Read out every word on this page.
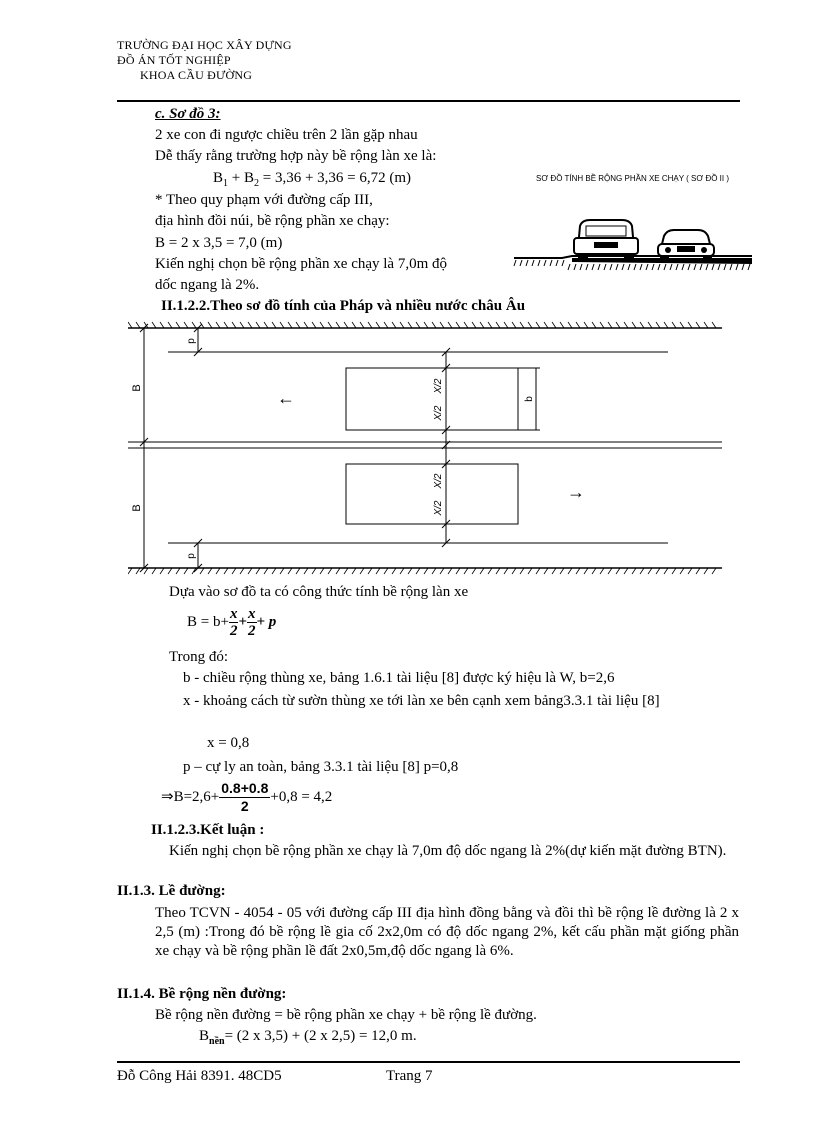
TRƯỜNG ĐẠI HỌC XÂY DỰNG
ĐỒ ÁN TỐT NGHIỆP
KHOA CẦU ĐƯỜNG
c. Sơ đồ 3:
2 xe con đi ngược chiều trên 2 lần gặp nhau
Dễ thấy rằng trường hợp này bề rộng làn xe là:
$B_1 + B_2 = 3,36 + 3,36 = 6,72$ (m)
* Theo quy phạm với đường cấp III,
địa hình đồi núi, bề rộng phần xe chạy:
B = 2 x 3,5 = 7,0 (m)
Kiến nghị chọn bề rộng phần xe chạy là 7,0m độ
dốc ngang là 2%.
SƠ ĐỒ TÍNH BỀ RỘNG PHẦN XE CHẠY ( SƠ ĐỒ II )
II.1.2.2.Theo sơ đồ tính của Pháp và nhiều nước châu Âu
B
B
p
p
X/2
X/2
X/2
X/2
b
←
→
Dựa vào sơ đồ ta có công thức tính bề rộng làn xe
$B = b+ \frac{x}{2} + \frac{x}{2} + p$
Trong đó:
b - chiều rộng thùng xe, bảng 1.6.1 tài liệu [8] được ký hiệu là W, b=2,6
x - khoảng cách từ sườn thùng xe tới làn xe bên cạnh xem bảng3.3.1 tài liệu [8]
x = 0,8
p – cự ly an toàn, bảng 3.3.1 tài liệu [8] p=0,8
⇒B=2,6+ $\frac{0.8+0.8}{2} +0,8 = 4,2$
II.1.2.3.Kết luận :
Kiến nghị chọn bề rộng phần xe chạy là 7,0m độ dốc ngang là 2%(dự kiến mặt đường BTN).
II.1.3. Lề đường:
Theo TCVN - 4054 - 05 với đường cấp III địa hình đồng bằng và đồi thì bề rộng lề đường là 2 x 2,5 (m) :Trong đó bề rộng lề gia cố 2x2,0m có độ dốc ngang 2%, kết cấu phần mặt giống phần xe chạy và bề rộng phần lề đất 2x0,5m,độ dốc ngang là 6%.
II.1.4. Bề rộng nền đường:
Bề rộng nền đường = bề rộng phần xe chạy + bề rộng lề đường.
$B_{nền}= (2$ x 3,5) + (2 x 2,5) = 12,0 m.
Đỗ Công Hải 8391. 48CD5	Trang 7
